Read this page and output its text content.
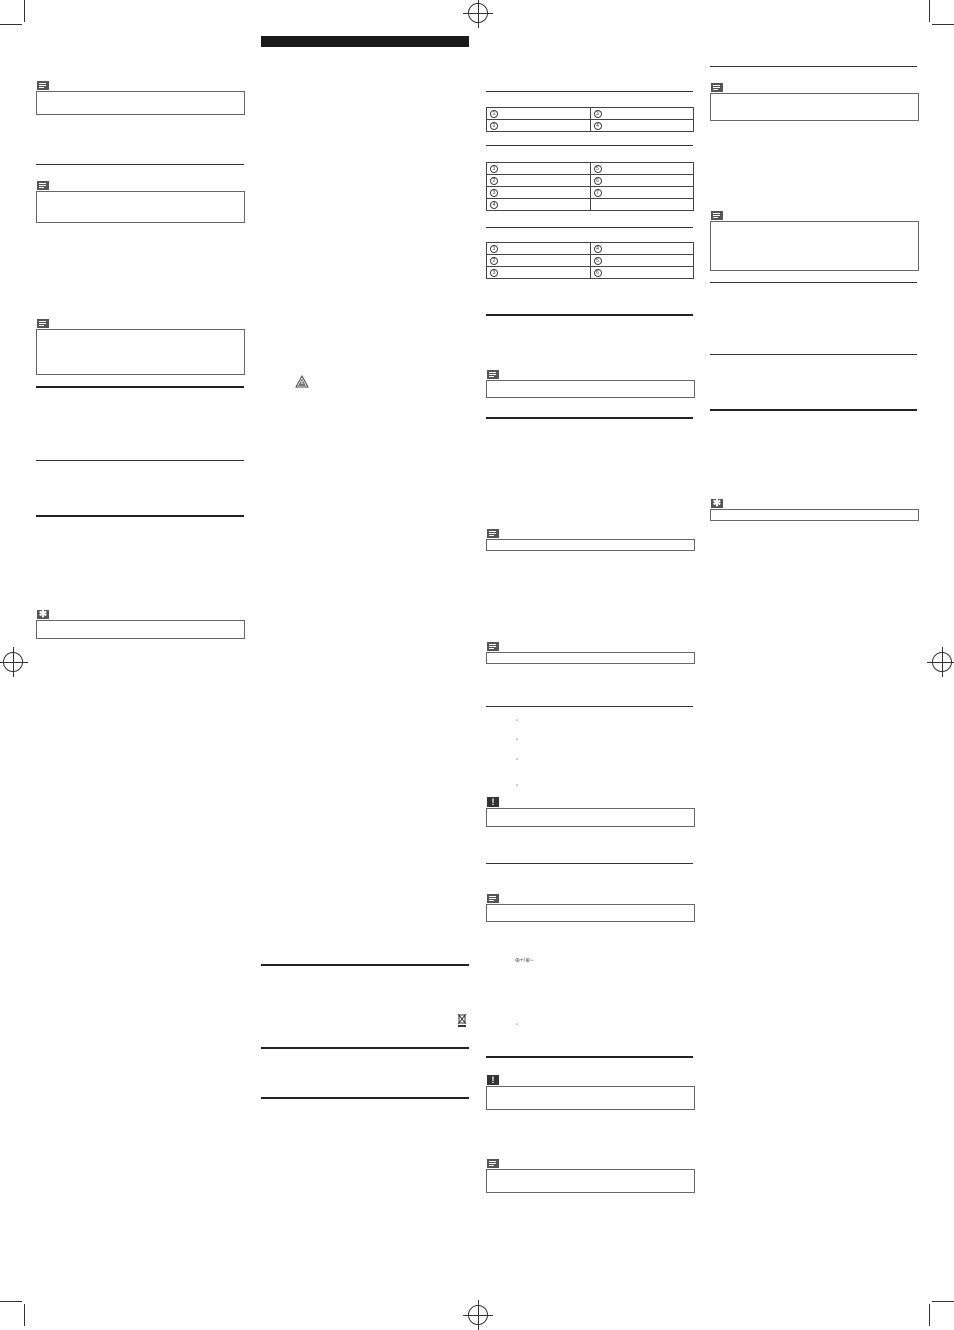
✱
1	3
2	4
1	5
2	6
3	7
4	
1	4
2	5
3	6
▫
▫
▫
▫
!
⊕+/⊕−
▫
!
✱
